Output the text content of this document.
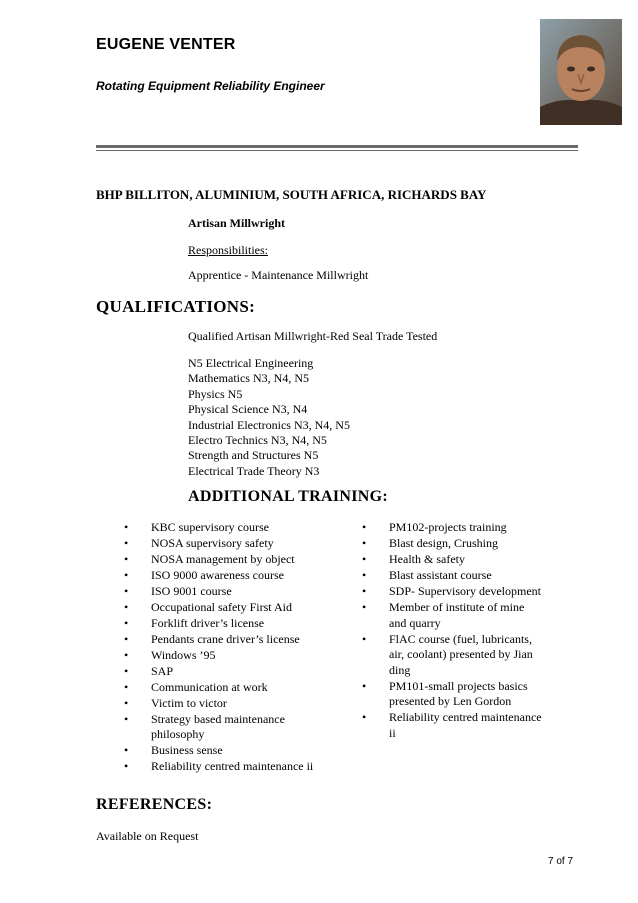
EUGENE VENTER
Rotating Equipment Reliability Engineer
BHP BILLITON, ALUMINIUM, SOUTH AFRICA, RICHARDS BAY
Artisan Millwright
Responsibilities:
Apprentice - Maintenance Millwright
QUALIFICATIONS:
Qualified Artisan Millwright-Red Seal Trade Tested
N5 Electrical Engineering
Mathematics N3, N4, N5
Physics N5
Physical Science N3, N4
Industrial Electronics N3, N4, N5
Electro Technics N3, N4, N5
Strength and Structures N5
Electrical Trade Theory N3
ADDITIONAL TRAINING:
• KBC supervisory course
• NOSA supervisory safety
• NOSA management by object
• ISO 9000 awareness course
• ISO 9001 course
• Occupational safety First Aid
• Forklift driver’s license
• Pendants crane driver’s license
• Windows ’95
• SAP
• Communication at work
• Victim to victor
• Strategy based maintenance
philosophy
• Business sense
• Reliability centred maintenance ii
• PM102-projects training
• Blast design, Crushing
• Health & safety
• Blast assistant course
• SDP- Supervisory development
• Member of institute of mine
and quarry
• FlAC course (fuel, lubricants,
air, coolant) presented by Jian
ding
• PM101-small projects basics
presented by Len Gordon
• Reliability centred maintenance
ii
REFERENCES:
Available on Request
7 of 7
